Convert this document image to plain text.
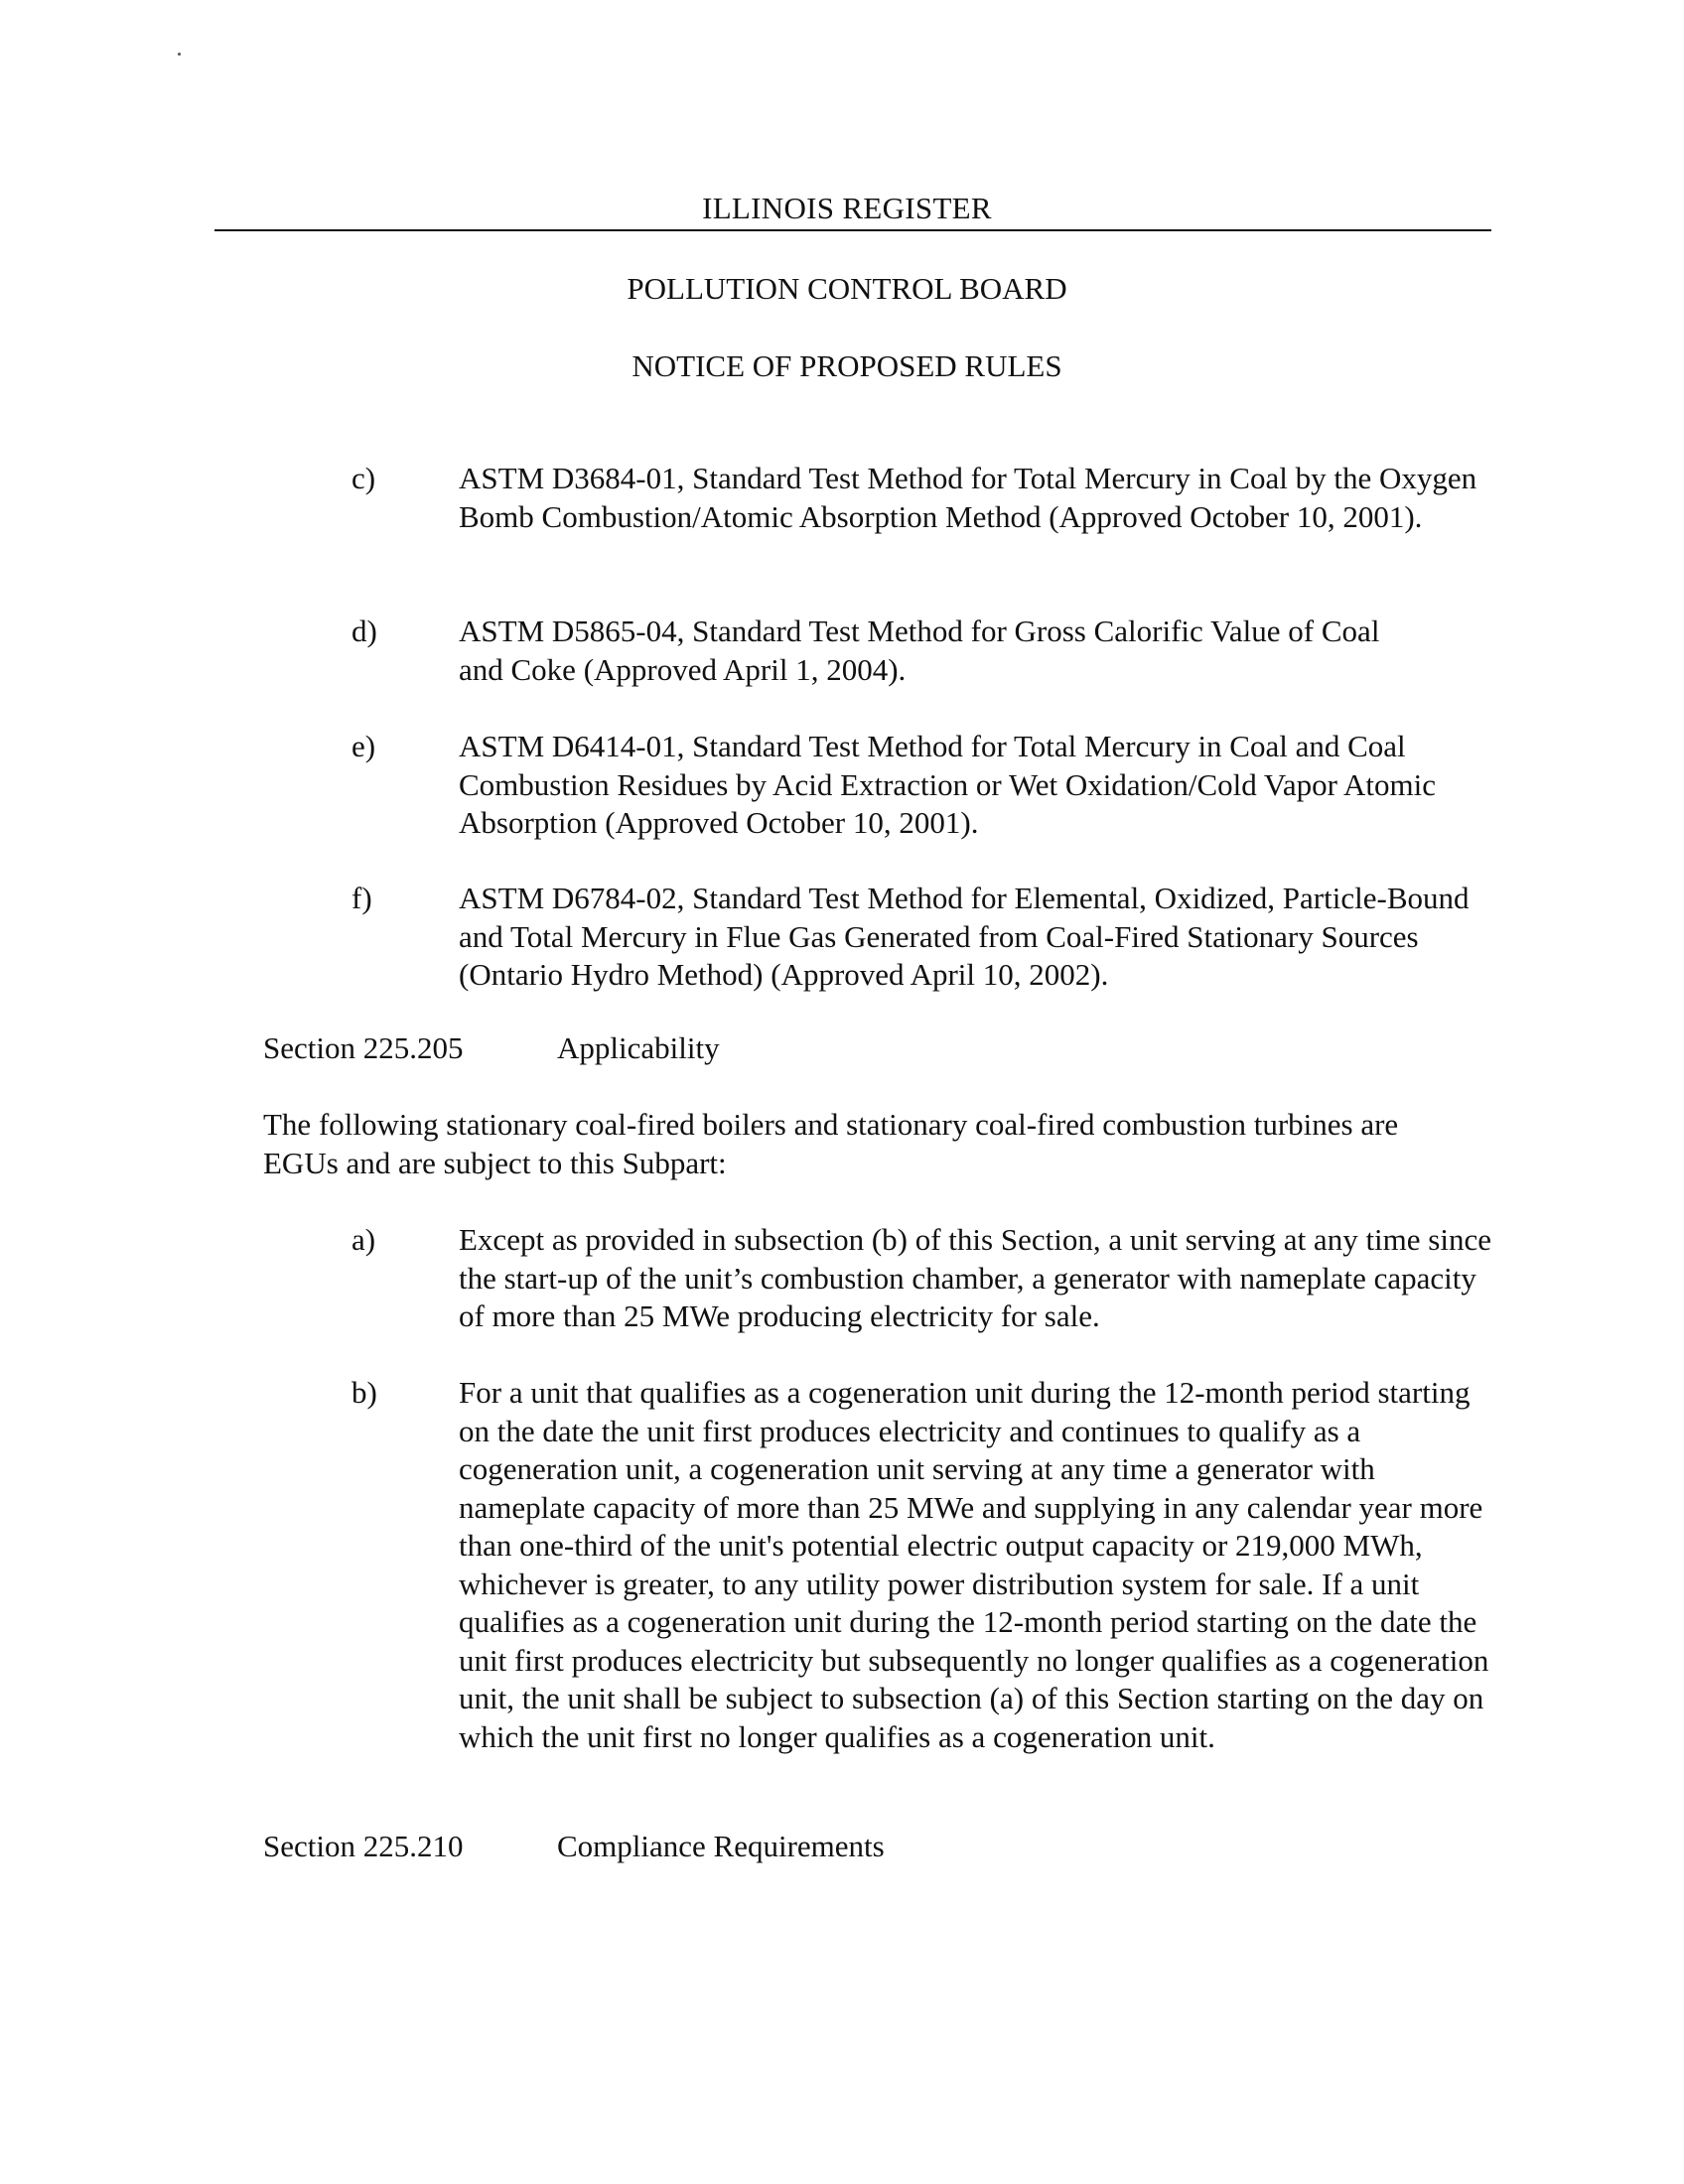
ILLINOIS REGISTER
POLLUTION CONTROL BOARD
NOTICE OF PROPOSED RULES
c)	ASTM D3684-01, Standard Test Method for Total Mercury in Coal by the Oxygen Bomb Combustion/Atomic Absorption Method (Approved October 10, 2001).
d)	ASTM D5865-04, Standard Test Method for Gross Calorific Value of Coal and Coke (Approved April 1, 2004).
e)	ASTM D6414-01, Standard Test Method for Total Mercury in Coal and Coal Combustion Residues by Acid Extraction or Wet Oxidation/Cold Vapor Atomic Absorption (Approved October 10, 2001).
f)	ASTM D6784-02, Standard Test Method for Elemental, Oxidized, Particle-Bound and Total Mercury in Flue Gas Generated from Coal-Fired Stationary Sources (Ontario Hydro Method) (Approved April 10, 2002).
Section 225.205	Applicability
The following stationary coal-fired boilers and stationary coal-fired combustion turbines are EGUs and are subject to this Subpart:
a)	Except as provided in subsection (b) of this Section, a unit serving at any time since the start-up of the unit’s combustion chamber, a generator with nameplate capacity of more than 25 MWe producing electricity for sale.
b)	For a unit that qualifies as a cogeneration unit during the 12-month period starting on the date the unit first produces electricity and continues to qualify as a cogeneration unit, a cogeneration unit serving at any time a generator with nameplate capacity of more than 25 MWe and supplying in any calendar year more than one-third of the unit's potential electric output capacity or 219,000 MWh, whichever is greater, to any utility power distribution system for sale. If a unit qualifies as a cogeneration unit during the 12-month period starting on the date the unit first produces electricity but subsequently no longer qualifies as a cogeneration unit, the unit shall be subject to subsection (a) of this Section starting on the day on which the unit first no longer qualifies as a cogeneration unit.
Section 225.210	Compliance Requirements
